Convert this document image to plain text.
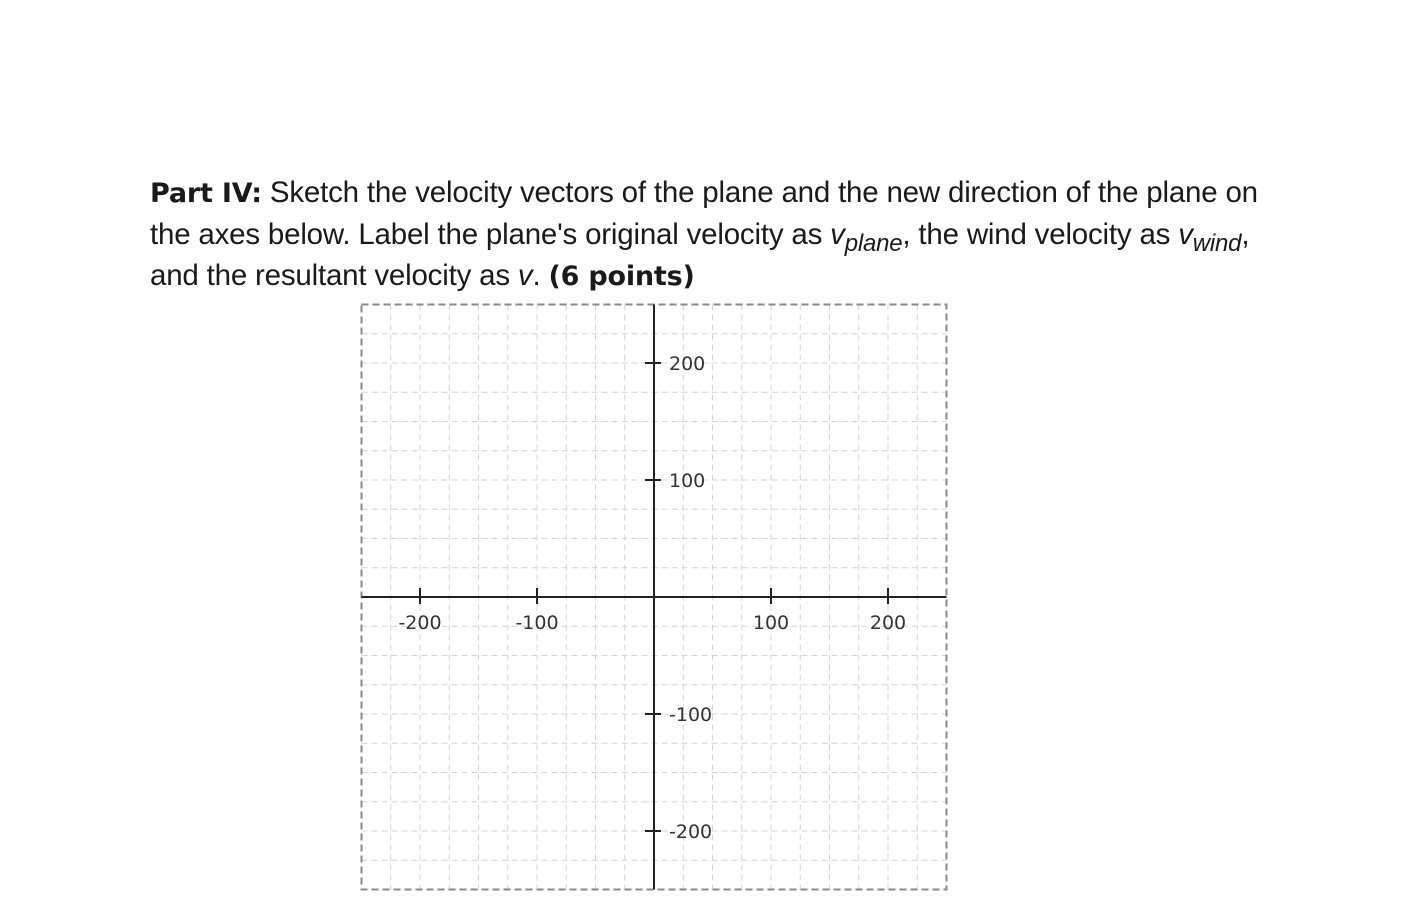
Part IV: Sketch the velocity vectors of the plane and the new direction of the plane on the axes below. Label the plane's original velocity as $v_{plane}$, the wind velocity as $v_{wind}$, and the resultant velocity as v. (6 points)
-200	-100	100	200
200
100
-100
-200
